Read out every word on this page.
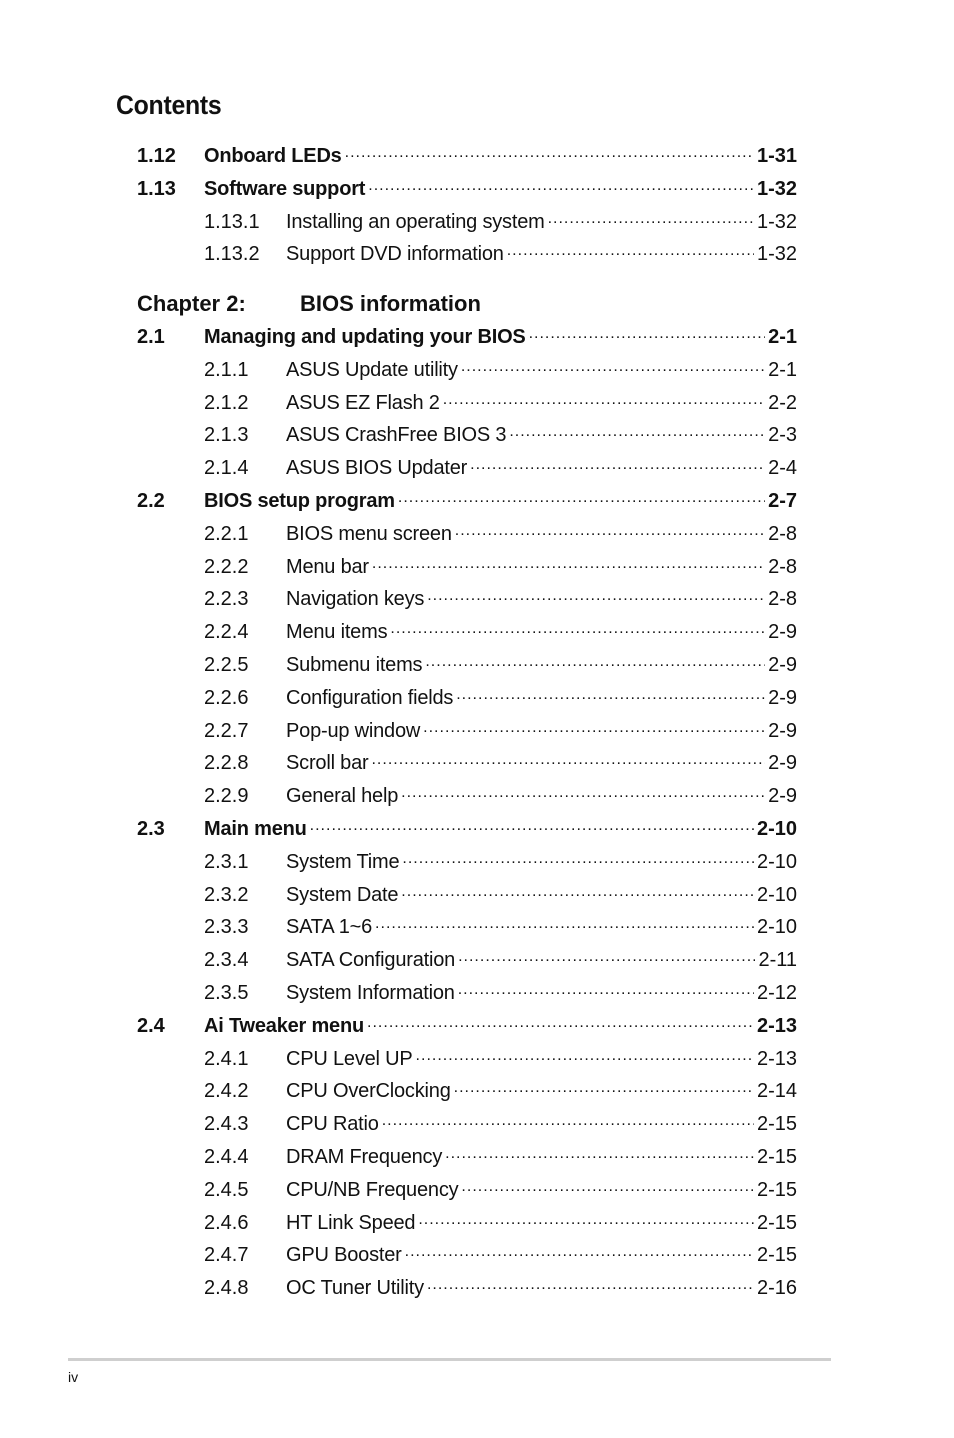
Contents
1.12	Onboard LEDs .....	1-31
1.13	Software support .....	1-32
1.13.1	Installing an operating system .....	1-32
1.13.2	Support DVD information .....	1-32
2.1	Managing and updating your BIOS .....	2-1
2.1.1	ASUS Update utility .....	2-1
2.1.2	ASUS EZ Flash 2 .....	2-2
2.1.3	ASUS CrashFree BIOS 3 .....	2-3
2.1.4	ASUS BIOS Updater .....	2-4
2.2	BIOS setup program .....	2-7
2.2.1	BIOS menu screen .....	2-8
2.2.2	Menu bar .....	2-8
2.2.3	Navigation keys .....	2-8
2.2.4	Menu items .....	2-9
2.2.5	Submenu items .....	2-9
2.2.6	Configuration fields .....	2-9
2.2.7	Pop-up window .....	2-9
2.2.8	Scroll bar .....	2-9
2.2.9	General help .....	2-9
2.3	Main menu .....	2-10
2.3.1	System Time .....	2-10
2.3.2	System Date .....	2-10
2.3.3	SATA 1~6 .....	2-10
2.3.4	SATA Configuration .....	2-11
2.3.5	System Information .....	2-12
2.4	Ai Tweaker menu .....	2-13
2.4.1	CPU Level UP .....	2-13
2.4.2	CPU OverClocking .....	2-14
2.4.3	CPU Ratio .....	2-15
2.4.4	DRAM Frequency .....	2-15
2.4.5	CPU/NB Frequency .....	2-15
2.4.6	HT Link Speed .....	2-15
2.4.7	GPU Booster .....	2-15
2.4.8	OC Tuner Utility .....	2-16
Chapter 2: BIOS information
iv
